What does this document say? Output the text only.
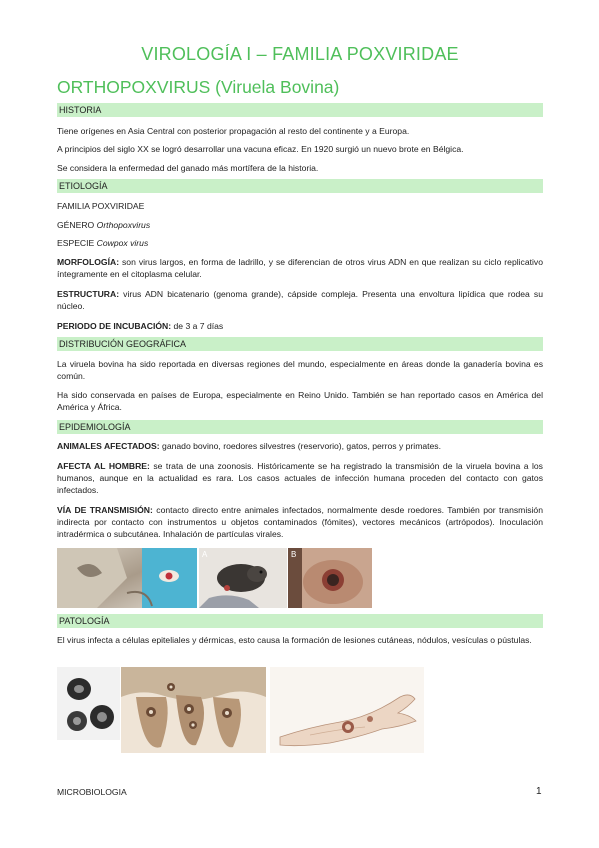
VIROLOGÍA I – FAMILIA POXVIRIDAE
ORTHOPOXVIRUS (Viruela Bovina)
HISTORIA
Tiene orígenes en Asia Central con posterior propagación al resto del continente y a Europa.
A principios del siglo XX se logró desarrollar una vacuna eficaz. En 1920 surgió un nuevo brote en Bélgica.
Se considera la enfermedad del ganado más mortífera de la historia.
ETIOLOGÍA
FAMILIA POXVIRIDAE
GÉNERO Orthopoxvirus
ESPECIE Cowpox virus
MORFOLOGÍA: son virus largos, en forma de ladrillo, y se diferencian de otros virus ADN en que realizan su ciclo replicativo íntegramente en el citoplasma celular.
ESTRUCTURA: virus ADN bicatenario (genoma grande), cápside compleja. Presenta una envoltura lipídica que rodea su núcleo.
PERIODO DE INCUBACIÓN: de 3 a 7 días
DISTRIBUCIÓN GEOGRÁFICA
La viruela bovina ha sido reportada en diversas regiones del mundo, especialmente en áreas donde la ganadería bovina es común.
Ha sido conservada en países de Europa, especialmente en Reino Unido. También se han reportado casos en América del América y África.
EPIDEMIOLOGÍA
ANIMALES AFECTADOS: ganado bovino, roedores silvestres (reservorio), gatos, perros y primates.
AFECTA AL HOMBRE: se trata de una zoonosis. Históricamente se ha registrado la transmisión de la viruela bovina a los humanos, aunque en la actualidad es rara. Los casos actuales de infección humana proceden del contacto con gatos infectados.
VÍA DE TRANSMISIÓN: contacto directo entre animales infectados, normalmente desde roedores. También por transmisión indirecta por contacto con instrumentos u objetos contaminados (fómites), vectores mecánicos (artrópodos). Inoculación intradérmica o subcutánea. Inhalación de partículas virales.
A	B
PATOLOGÍA
El virus infecta a células epiteliales y dérmicas, esto causa la formación de lesiones cutáneas, nódulos, vesículas o pústulas.
MICROBIOLOGIA	1
